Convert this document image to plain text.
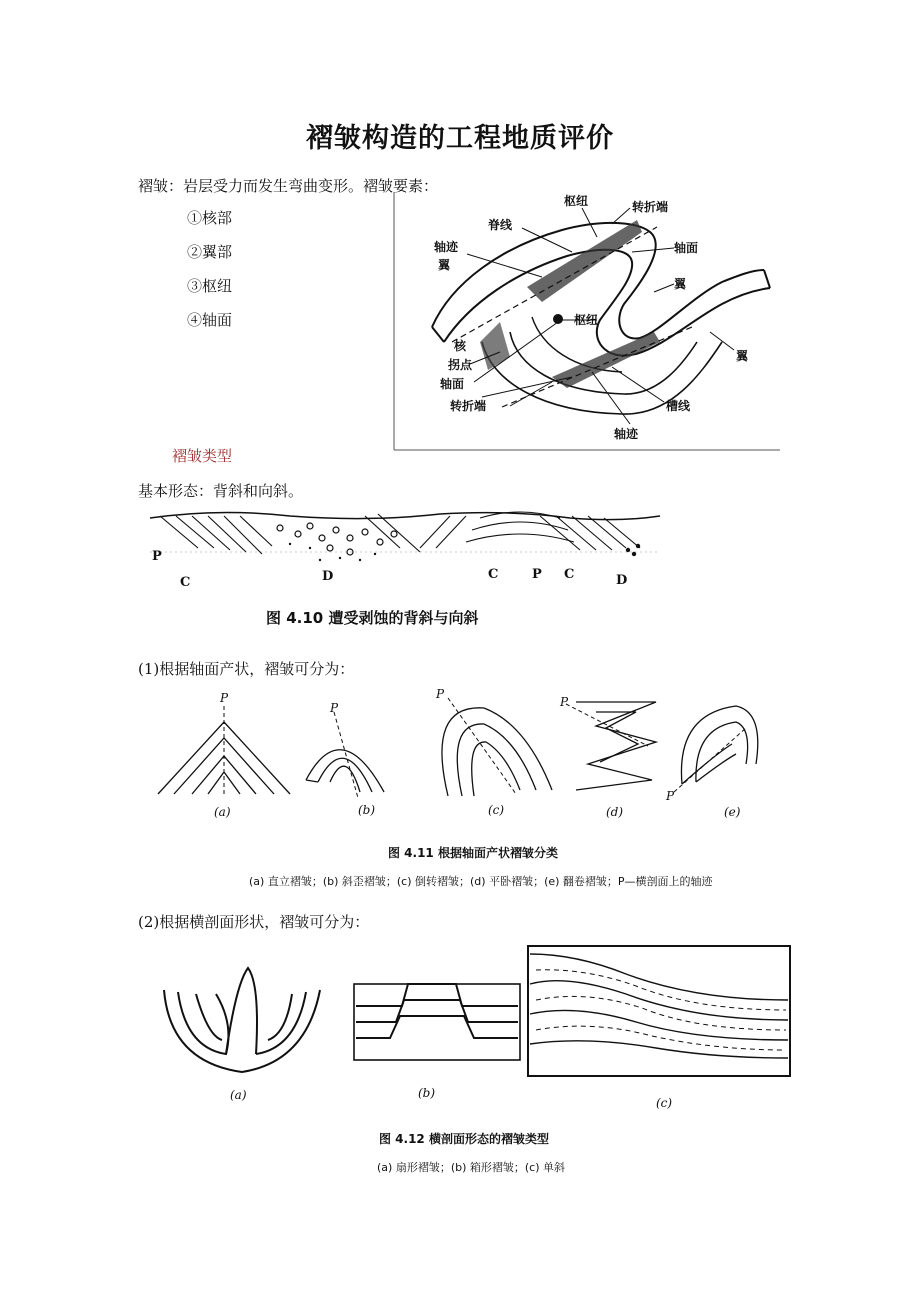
褶皱构造的工程地质评价
褶皱：岩层受力而发生弯曲变形。褶皱要素：
①核部
②翼部
③枢纽
④轴面
枢纽	转折端
脊线
轴迹	轴面
翼
翼
枢纽
核
翼
拐点
轴面
转折端	槽线
轴迹
褶皱类型
基本形态：背斜和向斜。
P
C	D	C	P C	D
图 4.10 遭受剥蚀的背斜与向斜
(1)根据轴面产状，褶皱可分为：
P
P
P
P
P
(a)	(b)	(c)	(d)	(e)
图 4.11 根据轴面产状褶皱分类
(a) 直立褶皱；(b) 斜歪褶皱；(c) 倒转褶皱；(d) 平卧褶皱；(e) 翻卷褶皱；P—横剖面上的轴迹
(2)根据横剖面形状，褶皱可分为：
(a)	(b)
(c)
图 4.12 横剖面形态的褶皱类型
(a) 扇形褶皱；(b) 箱形褶皱；(c) 单斜
